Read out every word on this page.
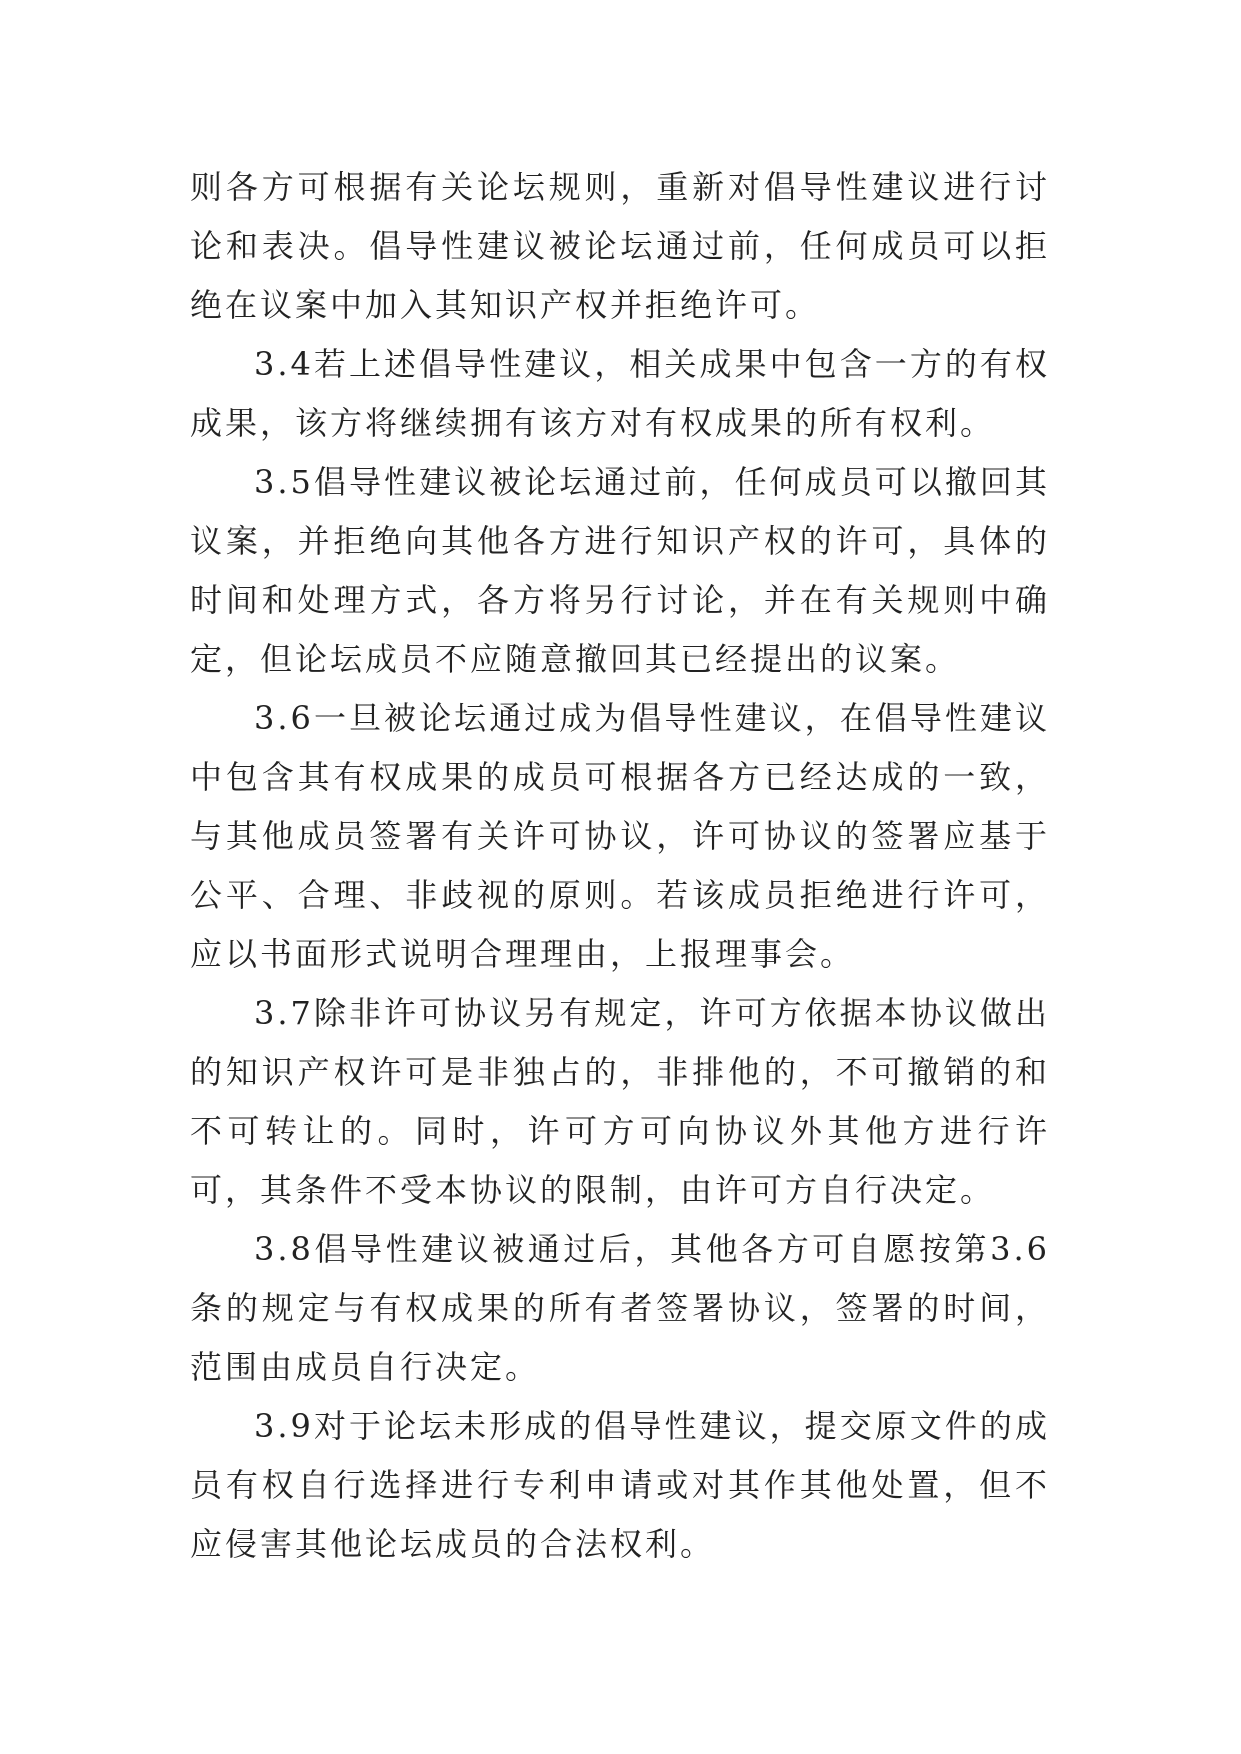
则各方可根据有关论坛规则，重新对倡导性建议进行讨论和表决。倡导性建议被论坛通过前，任何成员可以拒绝在议案中加入其知识产权并拒绝许可。

3.4若上述倡导性建议，相关成果中包含一方的有权成果，该方将继续拥有该方对有权成果的所有权利。

3.5倡导性建议被论坛通过前，任何成员可以撤回其议案，并拒绝向其他各方进行知识产权的许可，具体的时间和处理方式，各方将另行讨论，并在有关规则中确定，但论坛成员不应随意撤回其已经提出的议案。

3.6一旦被论坛通过成为倡导性建议，在倡导性建议中包含其有权成果的成员可根据各方已经达成的一致，与其他成员签署有关许可协议，许可协议的签署应基于公平、合理、非歧视的原则。若该成员拒绝进行许可，应以书面形式说明合理理由，上报理事会。

3.7除非许可协议另有规定，许可方依据本协议做出的知识产权许可是非独占的，非排他的，不可撤销的和不可转让的。同时，许可方可向协议外其他方进行许可，其条件不受本协议的限制，由许可方自行决定。

3.8倡导性建议被通过后，其他各方可自愿按第3.6条的规定与有权成果的所有者签署协议，签署的时间，范围由成员自行决定。

3.9对于论坛未形成的倡导性建议，提交原文件的成员有权自行选择进行专利申请或对其作其他处置，但不应侵害其他论坛成员的合法权利。
